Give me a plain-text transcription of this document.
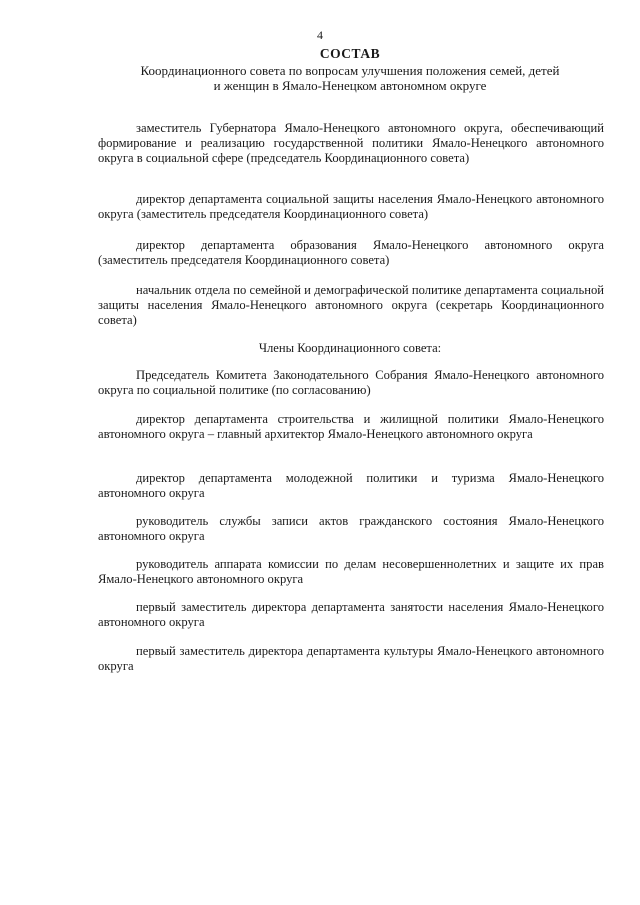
4
СОСТАВ
Координационного совета по вопросам улучшения положения семей, детей
и женщин в Ямало-Ненецком автономном округе

заместитель Губернатора Ямало-Ненецкого автономного округа, обеспечивающий формирование и реализацию государственной политики Ямало-Ненецкого автономного округа в социальной сфере (председатель Координационного совета)

директор департамента социальной защиты населения Ямало-Ненецкого автономного округа (заместитель председателя Координационного совета)

директор департамента образования Ямало-Ненецкого автономного округа (заместитель председателя Координационного совета)

начальник отдела по семейной и демографической политике департамента социальной защиты населения Ямало-Ненецкого автономного округа (секретарь Координационного совета)

Члены Координационного совета:

Председатель Комитета Законодательного Собрания Ямало-Ненецкого автономного округа по социальной политике (по согласованию)

директор департамента строительства и жилищной политики Ямало-Ненецкого автономного округа – главный архитектор Ямало-Ненецкого автономного округа

директор департамента молодежной политики и туризма Ямало-Ненецкого автономного округа

руководитель службы записи актов гражданского состояния Ямало-Ненецкого автономного округа

руководитель аппарата комиссии по делам несовершеннолетних и защите их прав Ямало-Ненецкого автономного округа

первый заместитель директора департамента занятости населения Ямало-Ненецкого автономного округа

первый заместитель директора департамента культуры Ямало-Ненецкого автономного округа
